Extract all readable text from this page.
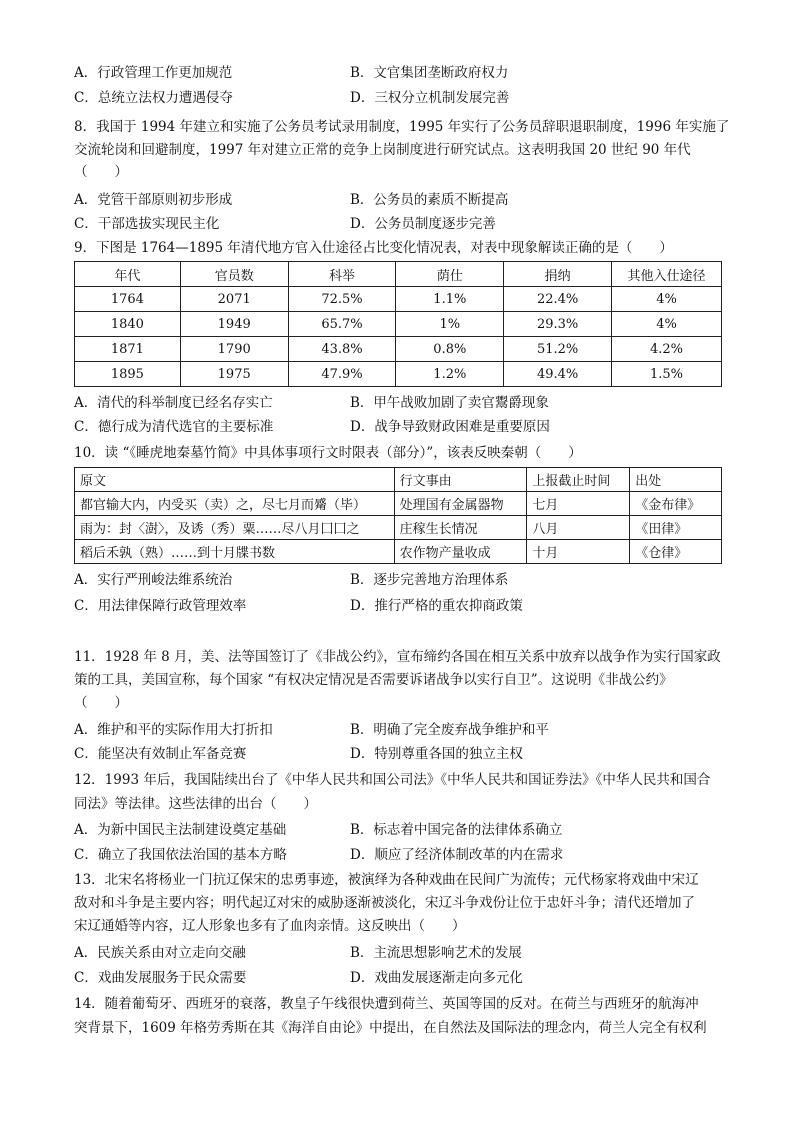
8．我国于 1994 年建立和实施了公务员考试录用制度，1995 年实行了公务员辞职退职制度，1996 年实施了
交流轮岗和回避制度，1997 年对建立正常的竞争上岗制度进行研究试点。这表明我国 20 世纪 90 年代
（　　）
9．下图是 1764—1895 年清代地方官入仕途径占比变化情况表，对表中现象解读正确的是（　　）
10．读 “《睡虎地秦墓竹简》中具体事项行文时限表（部分）”，该表反映秦朝（　　）
11．1928 年 8 月，美、法等国签订了《非战公约》，宣布缔约各国在相互关系中放弃以战争作为实行国家政
策的工具，美国宣称，每个国家 “有权决定情况是否需要诉诸战争以实行自卫”。这说明《非战公约》
（　　）
12．1993 年后，我国陆续出台了《中华人民共和国公司法》《中华人民共和国证券法》《中华人民共和国合
同法》等法律。这些法律的出台（　　）
13．北宋名将杨业一门抗辽保宋的忠勇事迹，被演绎为各种戏曲在民间广为流传；元代杨家将戏曲中宋辽
敌对和斗争是主要内容；明代起辽对宋的威胁逐渐被淡化，宋辽斗争戏份让位于忠奸斗争；清代还增加了
宋辽通婚等内容，辽人形象也多有了血肉亲情。这反映出（　　）
14．随着葡萄牙、西班牙的衰落，教皇子午线很快遭到荷兰、英国等国的反对。在荷兰与西班牙的航海冲
突背景下，1609 年格劳秀斯在其《海洋自由论》中提出，在自然法及国际法的理念内，荷兰人完全有权利
A．行政管理工作更加规范	B．文官集团垄断政府权力
C．总统立法权力遭遇侵夺	D．三权分立机制发展完善
A．党管干部原则初步形成	B．公务员的素质不断提高
C．干部选拔实现民主化	D．公务员制度逐步完善
A．清代的科举制度已经名存实亡	B．甲午战败加剧了卖官鬻爵现象
C．德行成为清代选官的主要标准	D．战争导致财政困难是重要原因
A．实行严刑峻法维系统治	B．逐步完善地方治理体系
C．用法律保障行政管理效率	D．推行严格的重农抑商政策
A．维护和平的实际作用大打折扣	B．明确了完全废弃战争维护和平
C．能坚决有效制止军备竞赛	D．特别尊重各国的独立主权
A．为新中国民主法制建设奠定基础	B．标志着中国完备的法律体系确立
C．确立了我国依法治国的基本方略	D．顺应了经济体制改革的内在需求
A．民族关系由对立走向交融	B．主流思想影响艺术的发展
C．戏曲发展服务于民众需要	D．戏曲发展逐渐走向多元化
年代	官员数	科举	荫仕	捐纳	其他入仕途径
1764	2071	72.5%	1.1%	22.4%	4%
1840	1949	65.7%	1%	29.3%	4%
1871	1790	43.8%	0.8%	51.2%	4.2%
1895	1975	47.9%	1.2%	49.4%	1.5%
原文	行文事由	上报截止时间	出处
都官输大内，内受买（卖）之，尽七月而觱（毕）	处理国有金属器物	七月	《金布律》
雨为：封〈澍〉，及诱（秀）粟……尽八月囗囗之	庄稼生长情况	八月	《田律》
稻后禾孰（熟）……到十月牒书数	农作物产量收成	十月	《仓律》
